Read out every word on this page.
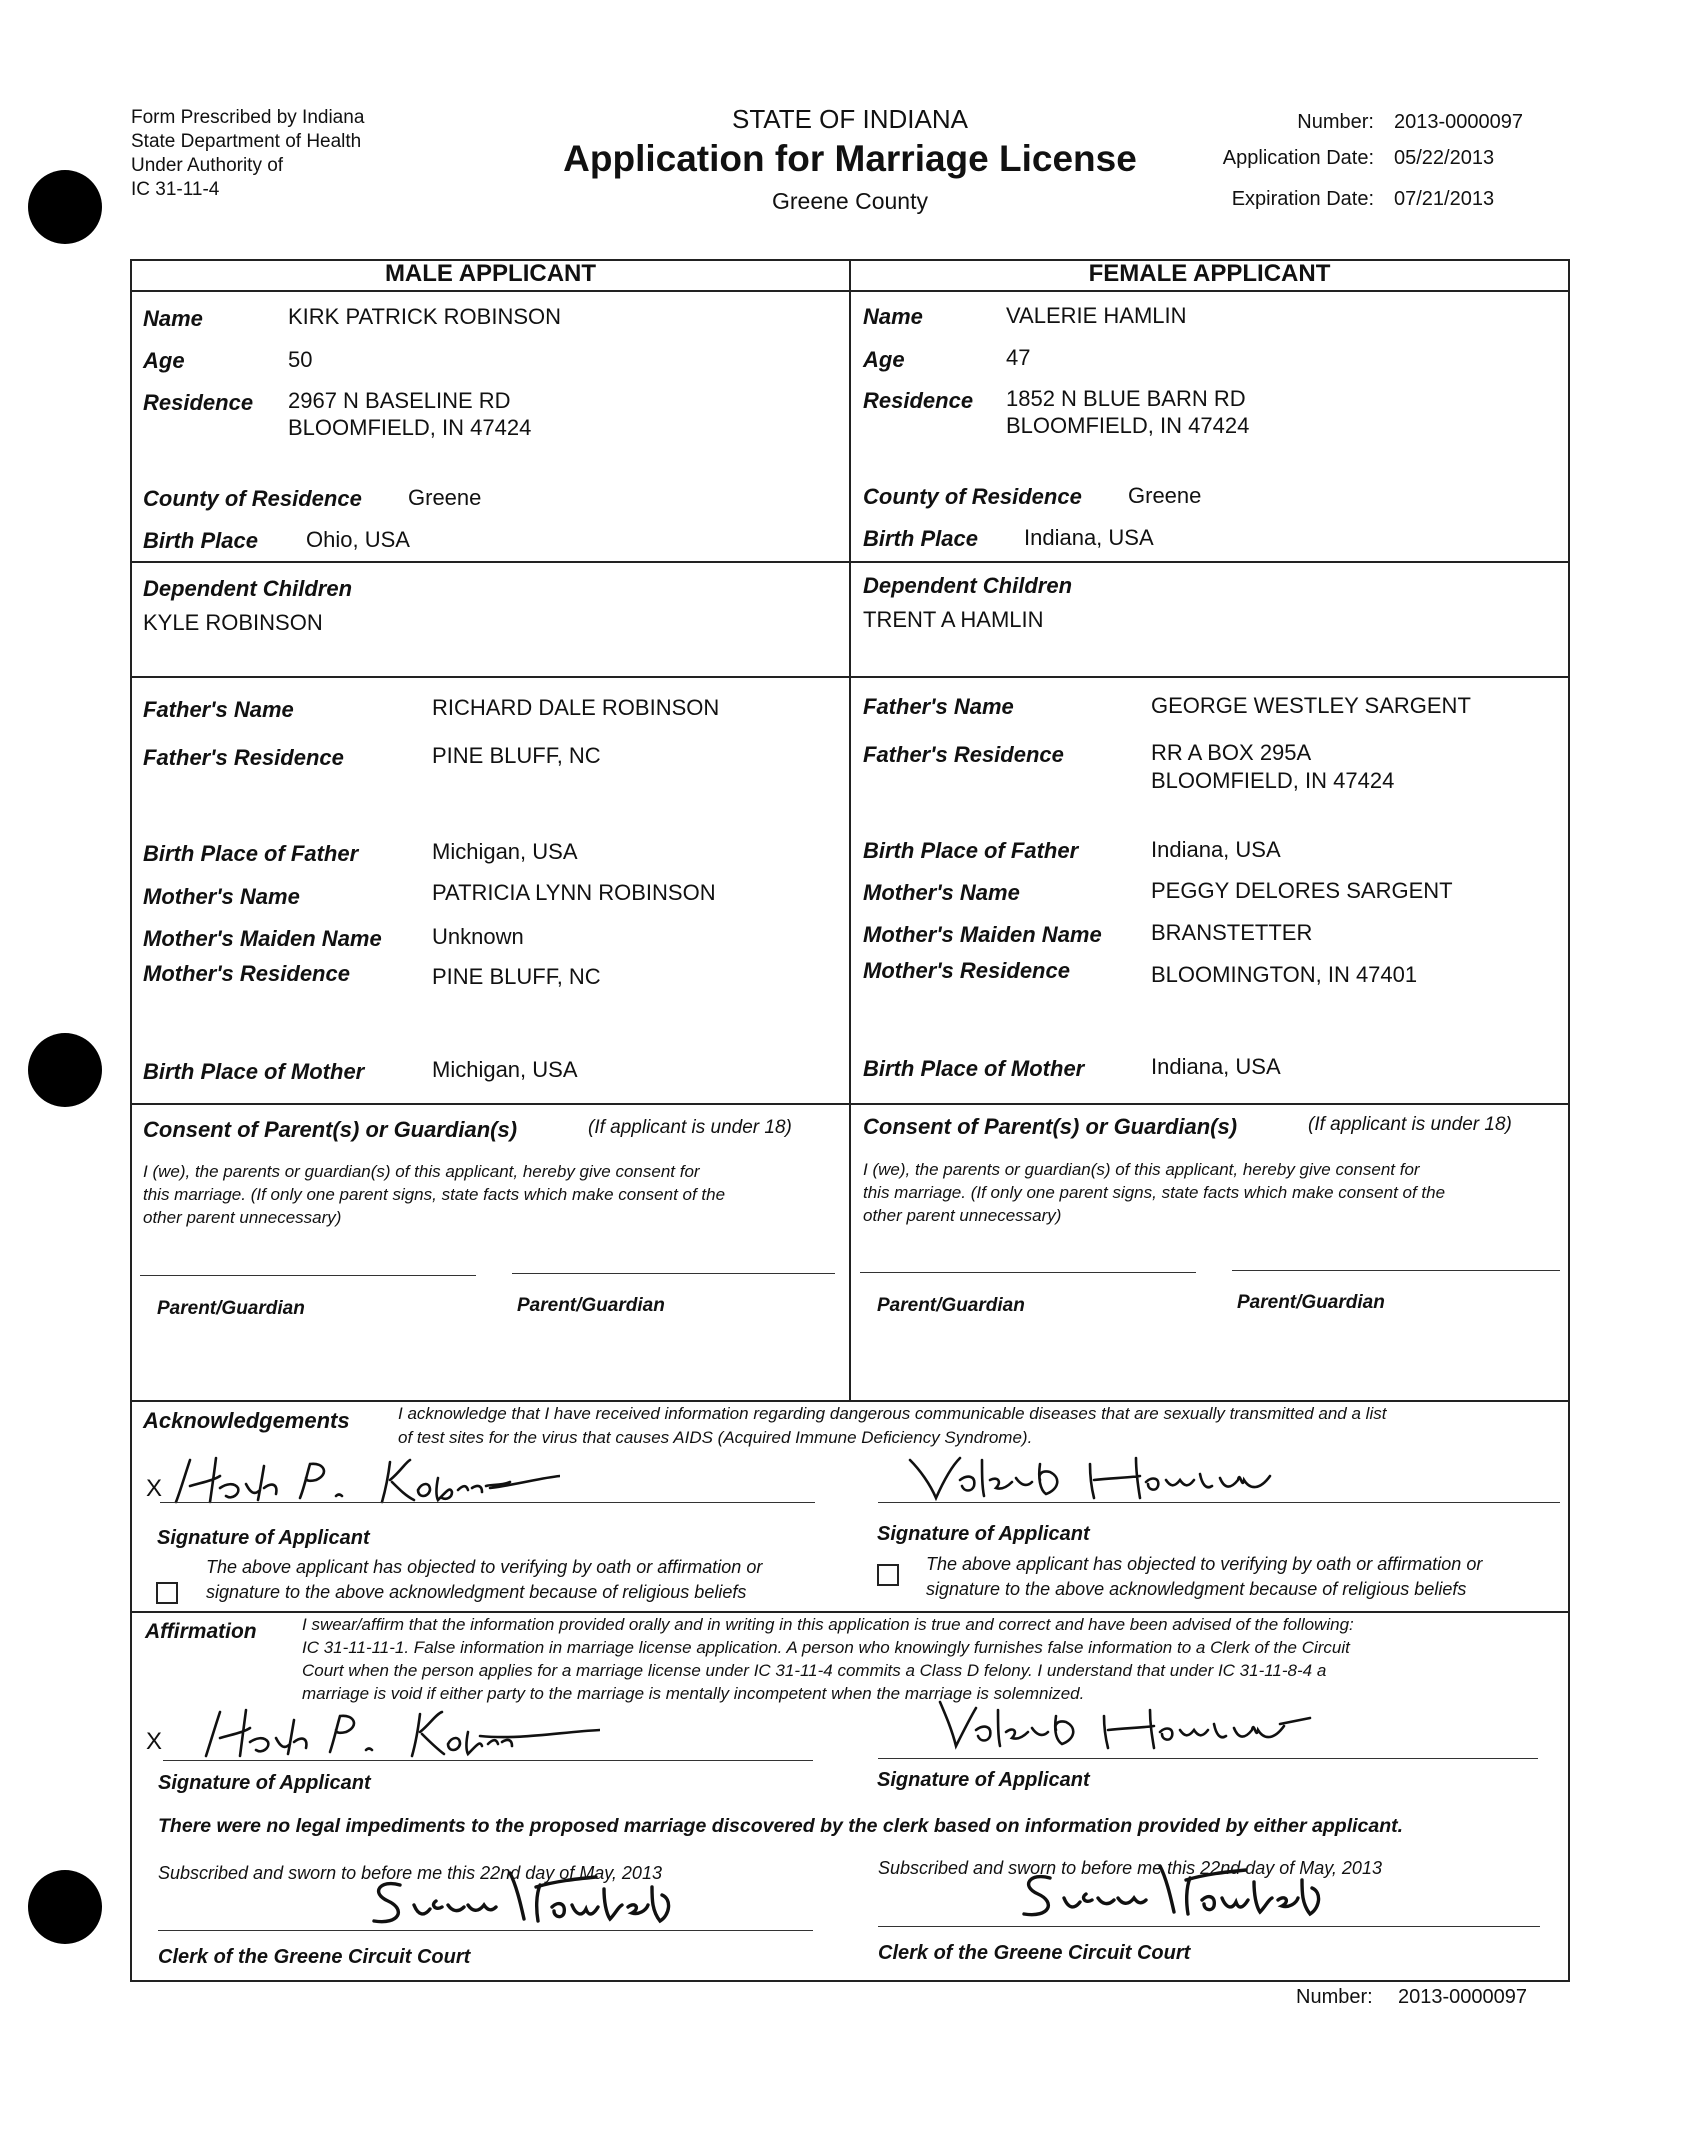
Form Prescribed by Indiana
State Department of Health
Under Authority of
IC 31-11-4
STATE OF INDIANA
Application for Marriage License
Greene County
Number: 2013-0000097
Application Date: 05/22/2013
Expiration Date: 07/21/2013
MALE APPLICANT	FEMALE APPLICANT
Name	KIRK PATRICK ROBINSON
Age	50
Residence 2967 N BASELINE RD
BLOOMFIELD, IN 47424
County of Residence Greene
Birth Place Ohio, USA
Dependent Children
KYLE ROBINSON
Father's Name	RICHARD DALE ROBINSON
Father's Residence	PINE BLUFF, NC
Birth Place of Father	Michigan, USA
Mother's Name	PATRICIA LYNN ROBINSON
Mother's Maiden Name Unknown
Mother's Residence	PINE BLUFF, NC
Birth Place of Mother	Michigan, USA
Name	VALERIE HAMLIN
Age	47
Residence 1852 N BLUE BARN RD
BLOOMFIELD, IN 47424
County of Residence Greene
Birth Place Indiana, USA
Dependent Children
TRENT A HAMLIN
Father's Name	GEORGE WESTLEY SARGENT
Father's Residence	RR A BOX 295A
BLOOMFIELD, IN 47424
Birth Place of Father	Indiana, USA
Mother's Name	PEGGY DELORES SARGENT
Mother's Maiden Name BRANSTETTER
Mother's Residence	BLOOMINGTON, IN 47401
Birth Place of Mother	Indiana, USA
Consent of Parent(s) or Guardian(s)	(If applicant is under 18)
I (we), the parents or guardian(s) of this applicant, hereby give consent for
this marriage. (If only one parent signs, state facts which make consent of the
other parent unnecessary)
Parent/Guardian	Parent/Guardian
Consent of Parent(s) or Guardian(s)	(If applicant is under 18)
I (we), the parents or guardian(s) of this applicant, hereby give consent for
this marriage. (If only one parent signs, state facts which make consent of the
other parent unnecessary)
Parent/Guardian	Parent/Guardian
Acknowledgements	I acknowledge that I have received information regarding dangerous communicable diseases that are sexually transmitted and a list
of test sites for the virus that causes AIDS (Acquired Immune Deficiency Syndrome).
X
Signature of Applicant
The above applicant has objected to verifying by oath or affirmation or
signature to the above acknowledgment because of religious beliefs
Signature of Applicant
The above applicant has objected to verifying by oath or affirmation or
signature to the above acknowledgment because of religious beliefs
Affirmation	I swear/affirm that the information provided orally and in writing in this application is true and correct and have been advised of the following:
IC 31-11-11-1. False information in marriage license application. A person who knowingly furnishes false information to a Clerk of the Circuit
Court when the person applies for a marriage license under IC 31-11-4 commits a Class D felony. I understand that under IC 31-11-8-4 a
marriage is void if either party to the marriage is mentally incompetent when the marriage is solemnized.
X
Signature of Applicant	Signature of Applicant
There were no legal impediments to the proposed marriage discovered by the clerk based on information provided by either applicant.
Subscribed and sworn to before me this 22nd day of May, 2013
Clerk of the Greene Circuit Court
Subscribed and sworn to before me this 22nd day of May, 2013
Clerk of the Greene Circuit Court
Number: 2013-0000097
